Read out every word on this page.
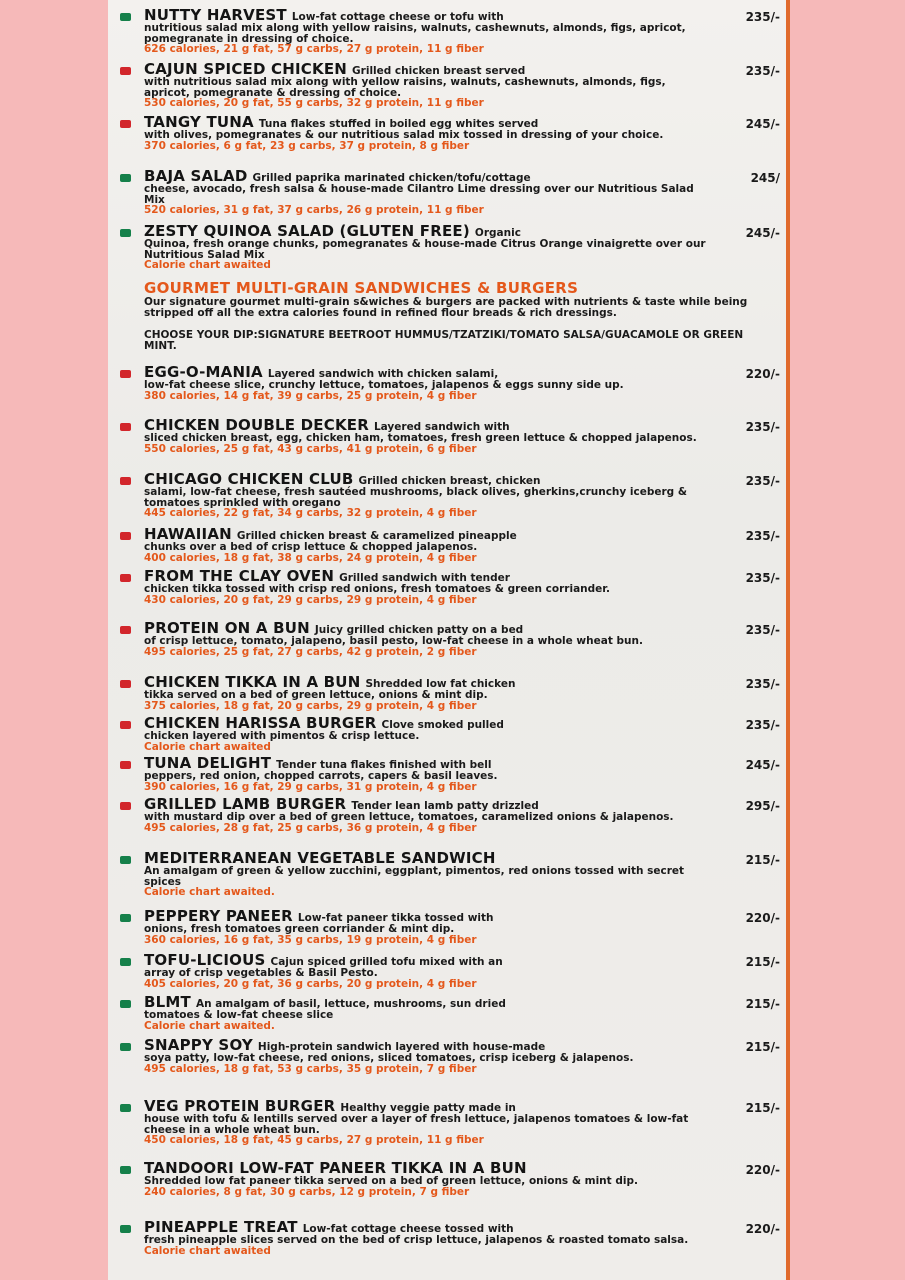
GOURMET MULTI-GRAIN SANDWICHES & BURGERS
Our signature gourmet multi-grain s&wiches & burgers are packed with nutrients & taste while being stripped off all the extra calories found in refined flour breads & rich dressings.
CHOOSE YOUR DIP:SIGNATURE BEETROOT HUMMUS/TZATZIKI/TOMATO SALSA/GUACAMOLE OR GREEN MINT.
NUTTY HARVEST Low-fat cottage cheese or tofu with
nutritious salad mix along with yellow raisins, walnuts, cashewnuts, almonds, figs, apricot, pomegranate in dressing of choice.
626 calories, 21 g fat, 57 g carbs, 27 g protein, 11 g fiber
235/-
CAJUN SPICED CHICKEN Grilled chicken breast served
with nutritious salad mix along with yellow raisins, walnuts, cashewnuts, almonds, figs, apricot, pomegranate & dressing of choice.
530 calories, 20 g fat, 55 g carbs, 32 g protein, 11 g fiber
235/-
TANGY TUNA Tuna flakes stuffed in boiled egg whites served
with olives, pomegranates & our nutritious salad mix tossed in dressing of your choice.
370 calories, 6 g fat, 23 g carbs, 37 g protein, 8 g fiber
245/-
BAJA SALAD Grilled paprika marinated chicken/tofu/cottage
cheese, avocado, fresh salsa & house-made Cilantro Lime dressing over our Nutritious Salad Mix
520 calories, 31 g fat, 37 g carbs, 26 g protein, 11 g fiber
245/
ZESTY QUINOA SALAD (GLUTEN FREE) Organic
Quinoa, fresh orange chunks, pomegranates & house-made Citrus Orange vinaigrette over our Nutritious Salad Mix
Calorie chart awaited
245/-
EGG-O-MANIA Layered sandwich with chicken salami,
low-fat cheese slice, crunchy lettuce, tomatoes, jalapenos & eggs sunny side up.
380 calories, 14 g fat, 39 g carbs, 25 g protein, 4 g fiber
220/-
CHICKEN DOUBLE DECKER Layered sandwich with
sliced chicken breast, egg, chicken ham, tomatoes, fresh green lettuce & chopped jalapenos.
550 calories, 25 g fat, 43 g carbs, 41 g protein, 6 g fiber
235/-
CHICAGO CHICKEN CLUB Grilled chicken breast, chicken
salami, low-fat cheese, fresh sautéed mushrooms, black olives, gherkins,crunchy iceberg & tomatoes sprinkled with oregano
445 calories, 22 g fat, 34 g carbs, 32 g protein, 4 g fiber
235/-
HAWAIIAN Grilled chicken breast & caramelized pineapple
chunks over a bed of crisp lettuce & chopped jalapenos.
400 calories, 18 g fat, 38 g carbs, 24 g protein, 4 g fiber
235/-
FROM THE CLAY OVEN Grilled sandwich with tender
chicken tikka tossed with crisp red onions, fresh tomatoes & green corriander.
430 calories, 20 g fat, 29 g carbs, 29 g protein, 4 g fiber
235/-
PROTEIN ON A BUN Juicy grilled chicken patty on a bed
of crisp lettuce, tomato, jalapeno, basil pesto, low-fat cheese in a whole wheat bun.
495 calories, 25 g fat, 27 g carbs, 42 g protein, 2 g fiber
235/-
CHICKEN TIKKA IN A BUN Shredded low fat chicken
tikka served on a bed of green lettuce, onions & mint dip.
375 calories, 18 g fat, 20 g carbs, 29 g protein, 4 g fiber
235/-
CHICKEN HARISSA BURGER Clove smoked pulled
chicken layered with pimentos & crisp lettuce.
Calorie chart awaited
235/-
TUNA DELIGHT Tender tuna flakes finished with bell
peppers, red onion, chopped carrots, capers & basil leaves.
390 calories, 16 g fat, 29 g carbs, 31 g protein, 4 g fiber
245/-
GRILLED LAMB BURGER Tender lean lamb patty drizzled
with mustard dip over a bed of green lettuce, tomatoes, caramelized onions & jalapenos.
495 calories, 28 g fat, 25 g carbs, 36 g protein, 4 g fiber
295/-
MEDITERRANEAN VEGETABLE SANDWICH
An amalgam of green & yellow zucchini, eggplant, pimentos, red onions tossed with secret spices
Calorie chart awaited.
215/-
PEPPERY PANEER Low-fat paneer tikka tossed with
onions, fresh tomatoes green corriander & mint dip.
360 calories, 16 g fat, 35 g carbs, 19 g protein, 4 g fiber
220/-
TOFU-LICIOUS Cajun spiced grilled tofu mixed with an
array of crisp vegetables & Basil Pesto.
405 calories, 20 g fat, 36 g carbs, 20 g protein, 4 g fiber
215/-
BLMT An amalgam of basil, lettuce, mushrooms, sun dried
tomatoes & low-fat cheese slice
Calorie chart awaited.
215/-
SNAPPY SOY High-protein sandwich layered with house-made
soya patty, low-fat cheese, red onions, sliced tomatoes, crisp iceberg & jalapenos.
495 calories, 18 g fat, 53 g carbs, 35 g protein, 7 g fiber
215/-
VEG PROTEIN BURGER Healthy veggie patty made in
house with tofu & lentills served over a layer of fresh lettuce, jalapenos tomatoes & low-fat cheese in a whole wheat bun.
450 calories, 18 g fat, 45 g carbs, 27 g protein, 11 g fiber
215/-
TANDOORI LOW-FAT PANEER TIKKA IN A BUN
Shredded low fat paneer tikka served on a bed of green lettuce, onions & mint dip.
240 calories, 8 g fat, 30 g carbs, 12 g protein, 7 g fiber
220/-
PINEAPPLE TREAT Low-fat cottage cheese tossed with
fresh pineapple slices served on the bed of crisp lettuce, jalapenos & roasted tomato salsa.
Calorie chart awaited
220/-
